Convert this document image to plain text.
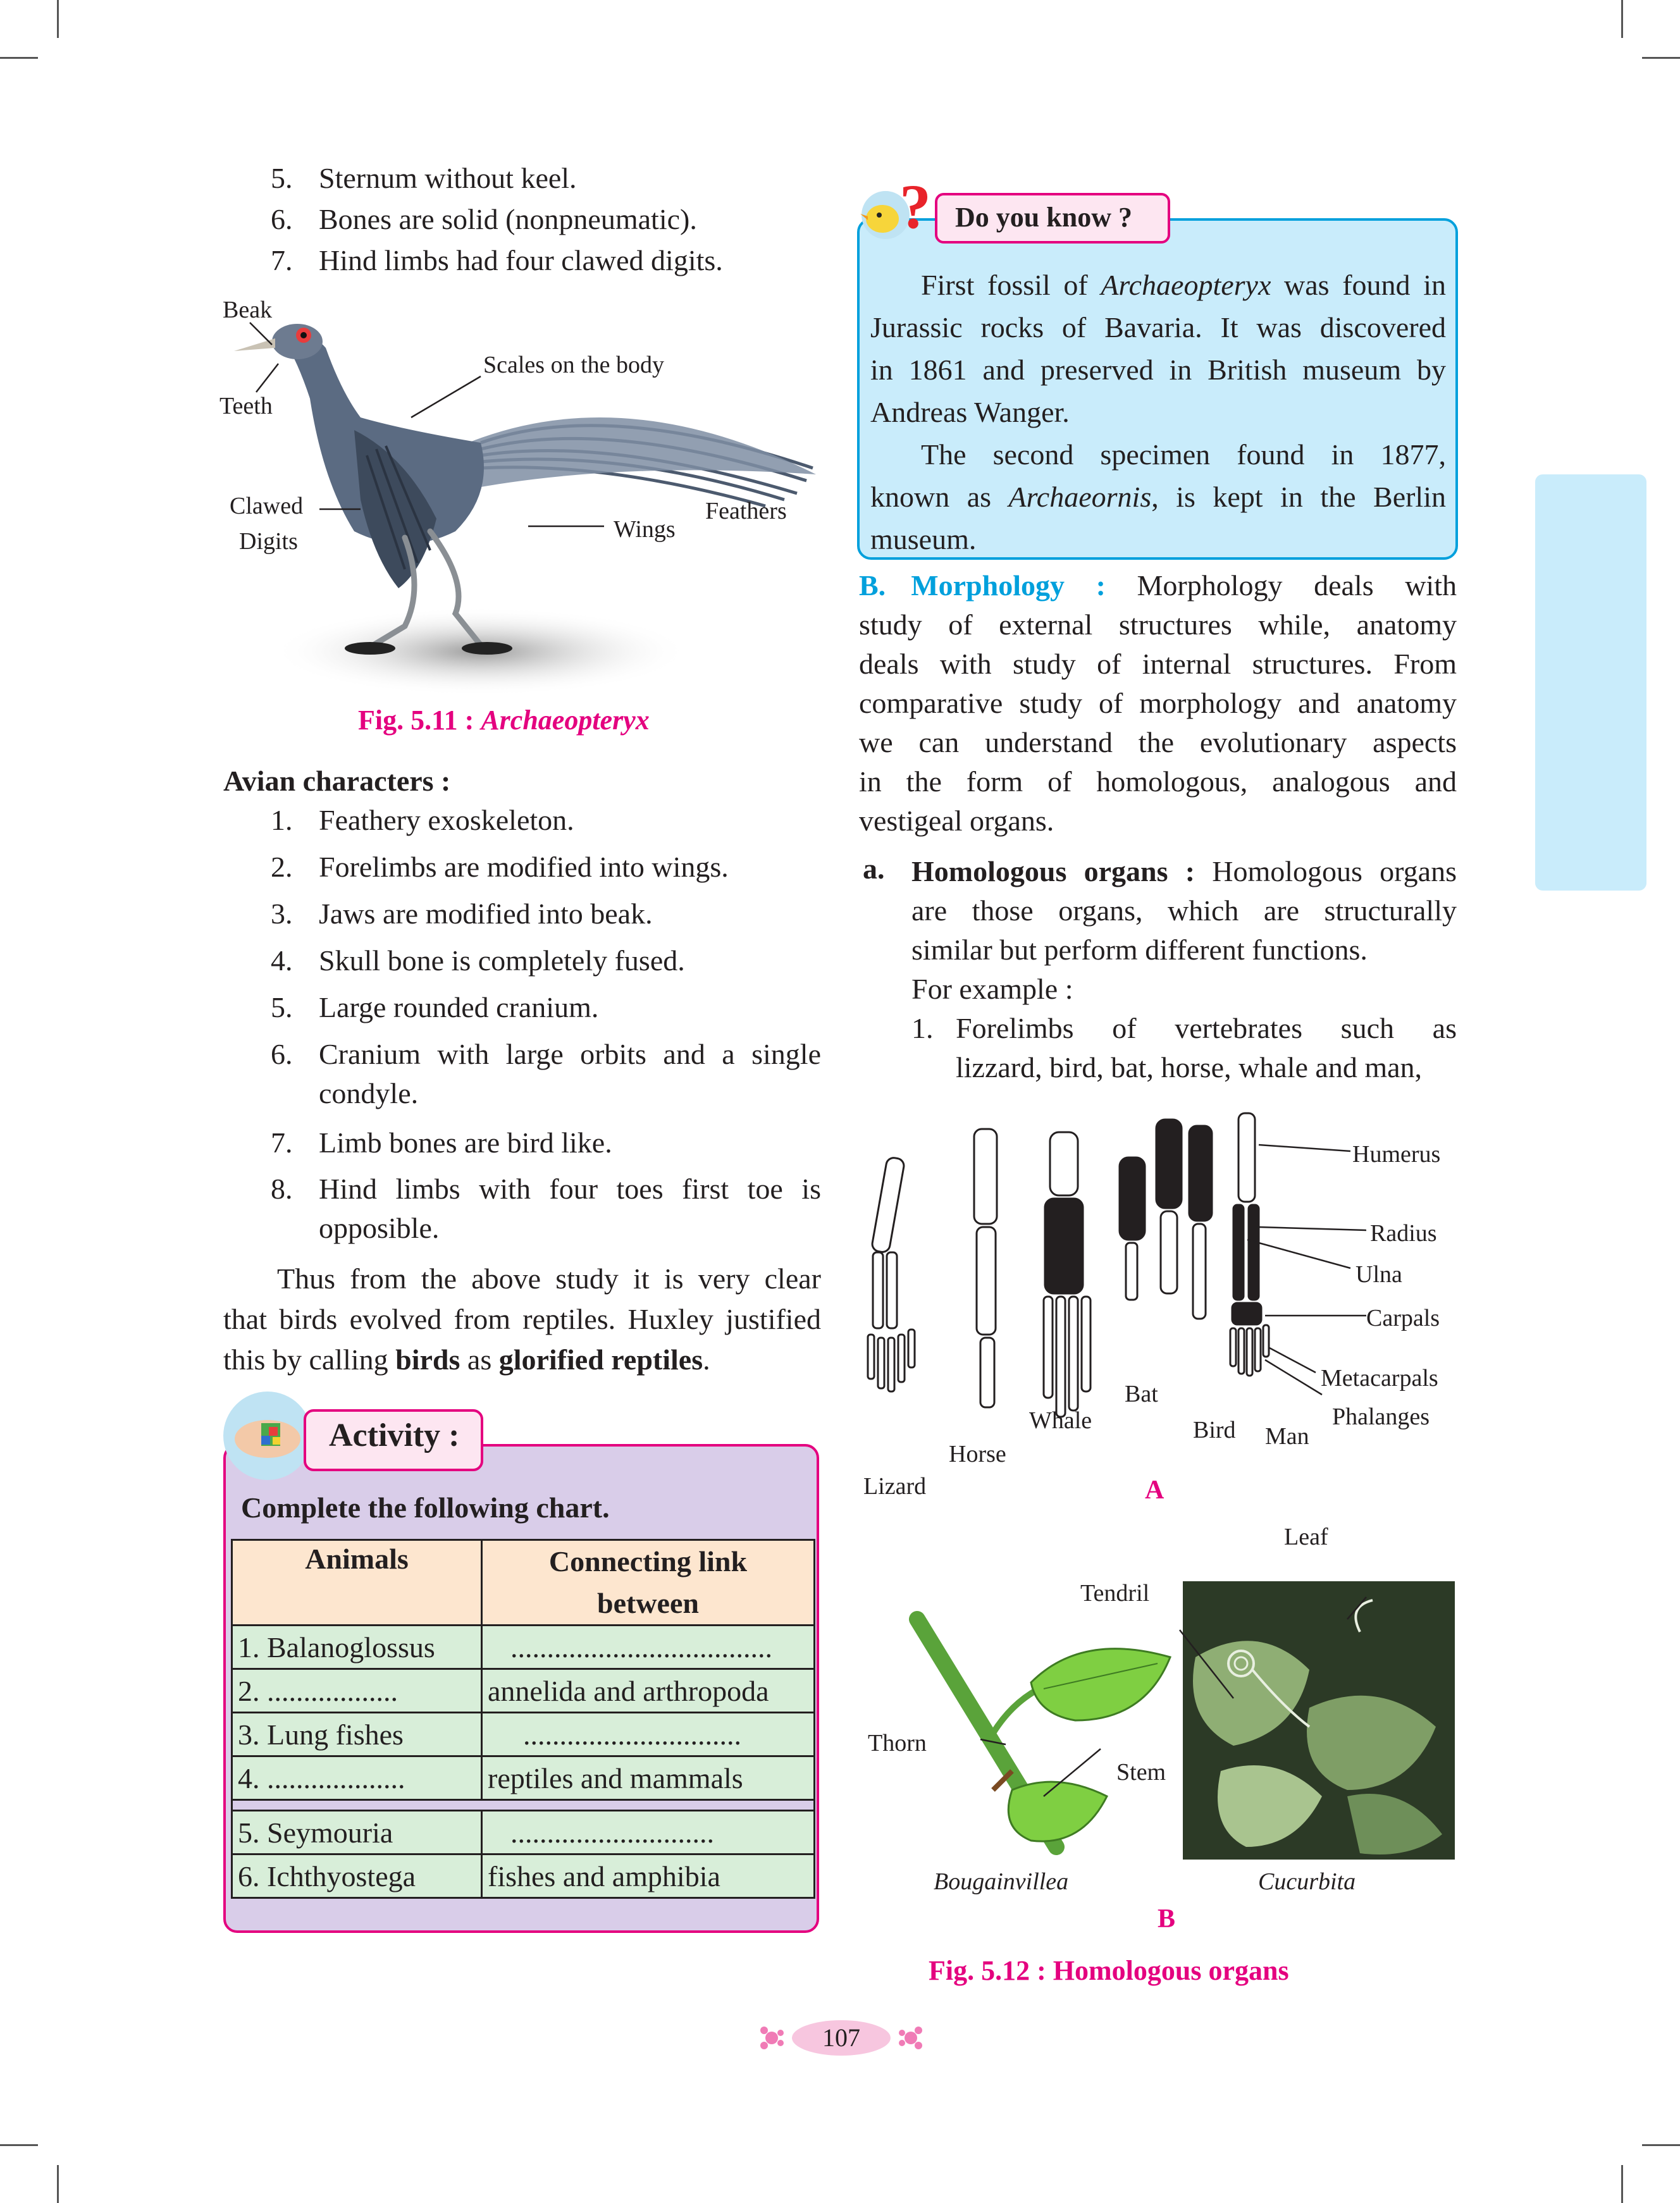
5. Sternum without keel.
6. Bones are solid (nonpneumatic).
7. Hind limbs had four clawed digits.
Beak
Teeth
Scales on the body
Clawed
Digits	Wings
Feathers
Fig. 5.11 : Archaeopteryx
Avian characters :
1. Feathery exoskeleton.
2. Forelimbs are modified into wings.
3. Jaws are modified into beak.
4. Skull bone is completely fused.
5. Large rounded cranium.
6. Cranium with large orbits and a single
condyle.
7. Limb bones are bird like.
8. Hind limbs with four toes first toe is
opposible.
Thus from the above study it is very clear
that birds evolved from reptiles. Huxley justified
this by calling birds as glorified reptiles.
Activity :
Complete the following chart.
Animals	Connecting link between
1. Balanoglossus	....................................
2. ..................	annelida and arthropoda
3. Lung fishes	..............................
4. ...................	reptiles and mammals

5. Seymouria	............................
6. Ichthyostega	fishes and amphibia
? Do you know ?
First fossil of Archaeopteryx was found in
Jurassic rocks of Bavaria. It was discovered
in 1861 and preserved in British museum by
Andreas Wanger.
The second specimen found in 1877,
known as Archaeornis, is kept in the Berlin
museum.
B. Morphology : Morphology deals with
study of external structures while, anatomy
deals with study of internal structures. From
comparative study of morphology and anatomy
we can understand the evolutionary aspects
in the form of homologous, analogous and
vestigeal organs.
a. Homologous organs : Homologous organs
are those organs, which are structurally
similar but perform different functions.
For example :
1. Forelimbs of vertebrates such as
lizzard, bird, bat, horse, whale and man,
Humerus
Radius
Ulna
Carpals
Metacarpals
Phalanges
Lizard
Horse
Whale
Bat
Bird Man
A
Leaf
Tendril
Thorn
Stem
Bougainvillea	Cucurbita
B
Fig. 5.12 : Homologous organs
107
